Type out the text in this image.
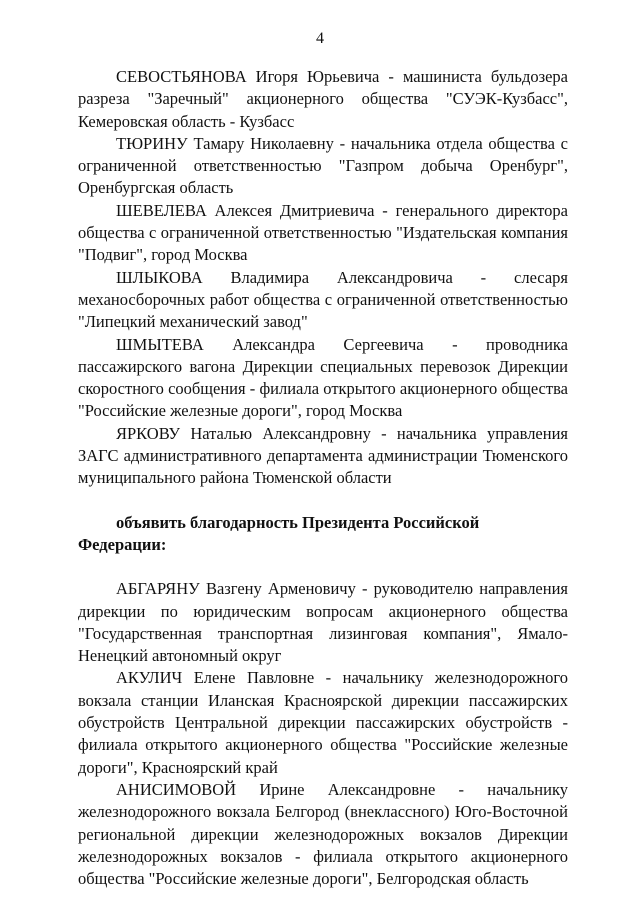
4

СЕВОСТЬЯНОВА Игоря Юрьевича - машиниста бульдозера разреза "Заречный" акционерного общества "СУЭК-Кузбасс", Кемеровская область - Кузбасс

ТЮРИНУ Тамару Николаевну - начальника отдела общества с ограниченной ответственностью "Газпром добыча Оренбург", Оренбургская область

ШЕВЕЛЕВА Алексея Дмитриевича - генерального директора общества с ограниченной ответственностью "Издательская компания "Подвиг", город Москва

ШЛЫКОВА Владимира Александровича - слесаря механосборочных работ общества с ограниченной ответственностью "Липецкий механический завод"

ШМЫТЕВА Александра Сергеевича - проводника пассажирского вагона Дирекции специальных перевозок Дирекции скоростного сообщения - филиала открытого акционерного общества "Российские железные дороги", город Москва

ЯРКОВУ Наталью Александровну - начальника управления ЗАГС административного департамента администрации Тюменского муниципального района Тюменской области

объявить благодарность Президента Российской Федерации:

АБГАРЯНУ Вазгену Арменовичу - руководителю направления дирекции по юридическим вопросам акционерного общества "Государственная транспортная лизинговая компания", Ямало-Ненецкий автономный округ

АКУЛИЧ Елене Павловне - начальнику железнодорожного вокзала станции Иланская Красноярской дирекции пассажирских обустройств Центральной дирекции пассажирских обустройств - филиала открытого акционерного общества "Российские железные дороги", Красноярский край

АНИСИМОВОЙ Ирине Александровне - начальнику железнодорожного вокзала Белгород (внеклассного) Юго-Восточной региональной дирекции железнодорожных вокзалов Дирекции железнодорожных вокзалов - филиала открытого акционерного общества "Российские железные дороги", Белгородская область
